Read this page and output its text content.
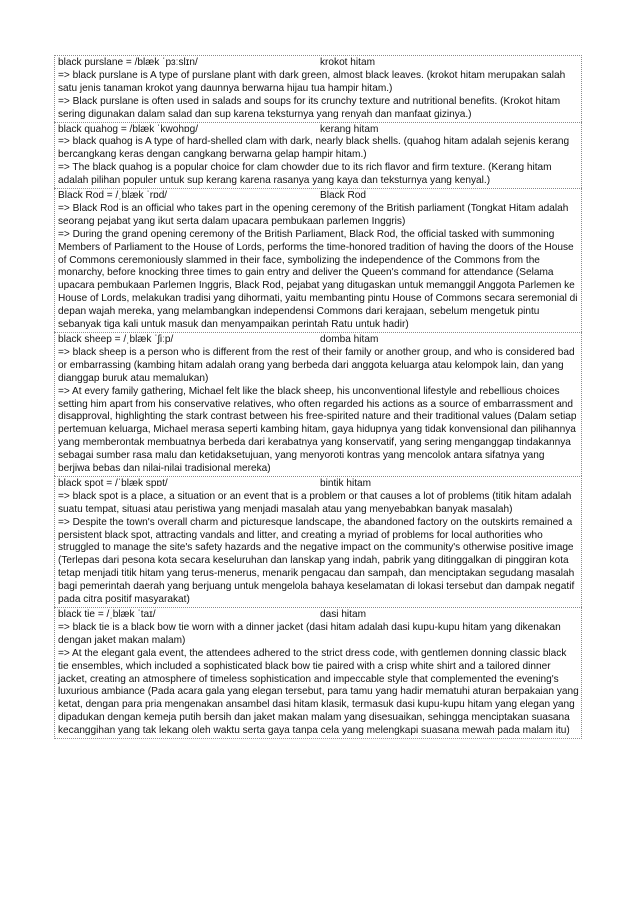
black purslane = /blæk ˈpɜːslɪn/	krokot hitam

=> black purslane is A type of purslane plant with dark green, almost black leaves. (krokot hitam merupakan salah satu jenis tanaman krokot yang daunnya berwarna hijau tua hampir hitam.)

=> Black purslane is often used in salads and soups for its crunchy texture and nutritional benefits. (Krokot hitam sering digunakan dalam salad dan sup karena teksturnya yang renyah dan manfaat gizinya.)

black quahog = /blæk ˈkwohɒɡ/	kerang hitam

=> black quahog is A type of hard-shelled clam with dark, nearly black shells. (quahog hitam adalah sejenis kerang bercangkang keras dengan cangkang berwarna gelap hampir hitam.)

=> The black quahog is a popular choice for clam chowder due to its rich flavor and firm texture. (Kerang hitam adalah pilihan populer untuk sup kerang karena rasanya yang kaya dan teksturnya yang kenyal.)

Black Rod = /ˌblæk ˈrɒd/	Black Rod

=> Black Rod is an official who takes part in the opening ceremony of the British parliament (Tongkat Hitam adalah seorang pejabat yang ikut serta dalam upacara pembukaan parlemen Inggris)

=> During the grand opening ceremony of the British Parliament, Black Rod, the official tasked with summoning Members of Parliament to the House of Lords, performs the time-honored tradition of having the doors of the House of Commons ceremoniously slammed in their face, symbolizing the independence of the Commons from the monarchy, before knocking three times to gain entry and deliver the Queen's command for attendance (Selama upacara pembukaan Parlemen Inggris, Black Rod, pejabat yang ditugaskan untuk memanggil Anggota Parlemen ke House of Lords, melakukan tradisi yang dihormati, yaitu membanting pintu House of Commons secara seremonial di depan wajah mereka, yang melambangkan independensi Commons dari kerajaan, sebelum mengetuk pintu sebanyak tiga kali untuk masuk dan menyampaikan perintah Ratu untuk hadir)

black sheep = /ˌblæk ˈʃiːp/	domba hitam

=> black sheep is a person who is different from the rest of their family or another group, and who is considered bad or embarrassing (kambing hitam adalah orang yang berbeda dari anggota keluarga atau kelompok lain, dan yang dianggap buruk atau memalukan)

=> At every family gathering, Michael felt like the black sheep, his unconventional lifestyle and rebellious choices setting him apart from his conservative relatives, who often regarded his actions as a source of embarrassment and disapproval, highlighting the stark contrast between his free-spirited nature and their traditional values (Dalam setiap pertemuan keluarga, Michael merasa seperti kambing hitam, gaya hidupnya yang tidak konvensional dan pilihannya yang memberontak membuatnya berbeda dari kerabatnya yang konservatif, yang sering menganggap tindakannya sebagai sumber rasa malu dan ketidaksetujuan, yang menyoroti kontras yang mencolok antara sifatnya yang berjiwa bebas dan nilai-nilai tradisional mereka)

black spot = /ˈblæk spɒt/	bintik hitam

=> black spot is a place, a situation or an event that is a problem or that causes a lot of problems (titik hitam adalah suatu tempat, situasi atau peristiwa yang menjadi masalah atau yang menyebabkan banyak masalah)

=> Despite the town's overall charm and picturesque landscape, the abandoned factory on the outskirts remained a persistent black spot, attracting vandals and litter, and creating a myriad of problems for local authorities who struggled to manage the site's safety hazards and the negative impact on the community's otherwise positive image (Terlepas dari pesona kota secara keseluruhan dan lanskap yang indah, pabrik yang ditinggalkan di pinggiran kota tetap menjadi titik hitam yang terus-menerus, menarik pengacau dan sampah, dan menciptakan segudang masalah bagi pemerintah daerah yang berjuang untuk mengelola bahaya keselamatan di lokasi tersebut dan dampak negatif pada citra positif masyarakat)

black tie = /ˌblæk ˈtaɪ/	dasi hitam

=> black tie is a black bow tie worn with a dinner jacket (dasi hitam adalah dasi kupu-kupu hitam yang dikenakan dengan jaket makan malam)

=> At the elegant gala event, the attendees adhered to the strict dress code, with gentlemen donning classic black tie ensembles, which included a sophisticated black bow tie paired with a crisp white shirt and a tailored dinner jacket, creating an atmosphere of timeless sophistication and impeccable style that complemented the evening's luxurious ambiance (Pada acara gala yang elegan tersebut, para tamu yang hadir mematuhi aturan berpakaian yang ketat, dengan para pria mengenakan ansambel dasi hitam klasik, termasuk dasi kupu-kupu hitam yang elegan yang dipadukan dengan kemeja putih bersih dan jaket makan malam yang disesuaikan, sehingga menciptakan suasana kecanggihan yang tak lekang oleh waktu serta gaya tanpa cela yang melengkapi suasana mewah pada malam itu)
